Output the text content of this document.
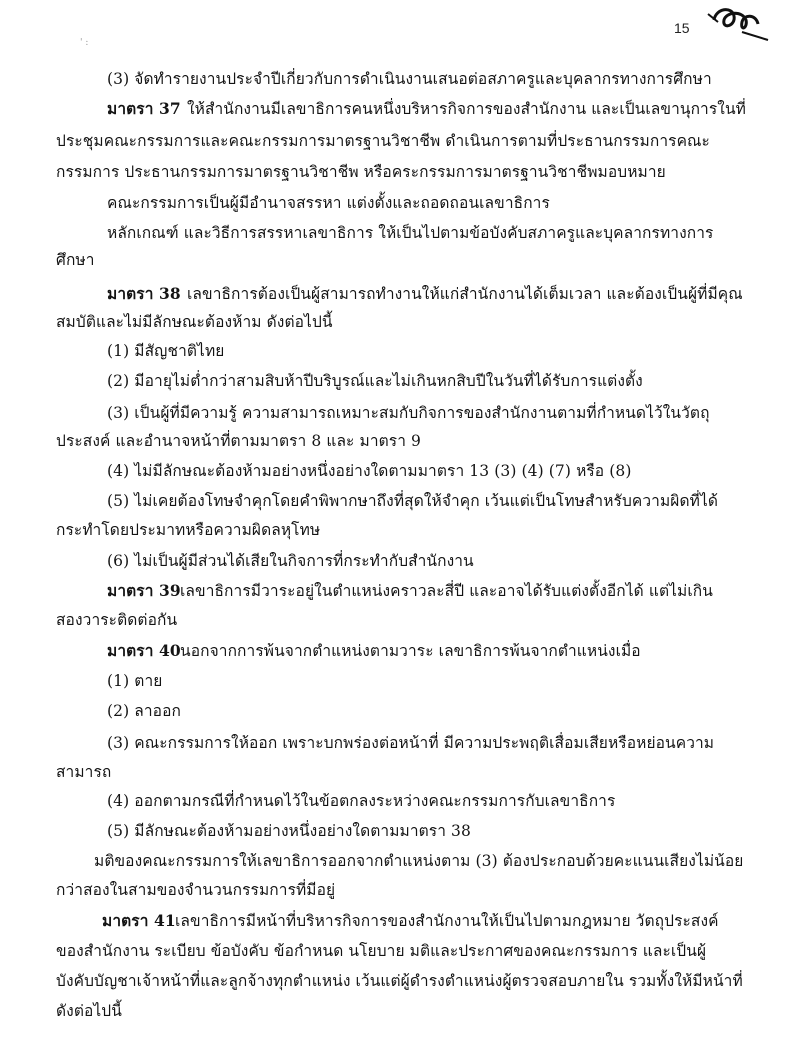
15
' :
(3) จัดทำรายงานประจำปีเกี่ยวกับการดำเนินงานเสนอต่อสภาครูและบุคลากรทางการศึกษา
มาตรา 37 ให้สำนักงานมีเลขาธิการคนหนึ่งบริหารกิจการของสำนักงาน และเป็นเลขานุการในที่
ประชุมคณะกรรมการและคณะกรรมการมาตรฐานวิชาชีพ ดำเนินการตามที่ประธานกรรมการคณะ
กรรมการ ประธานกรรมการมาตรฐานวิชาชีพ หรือคระกรรมการมาตรฐานวิชาชีพมอบหมาย
คณะกรรมการเป็นผู้มีอำนาจสรรหา แต่งตั้งและถอดถอนเลขาธิการ
หลักเกณฑ์ และวิธีการสรรหาเลขาธิการ ให้เป็นไปตามข้อบังคับสภาครูและบุคลากรทางการ
ศึกษา
มาตรา 38 เลขาธิการต้องเป็นผู้สามารถทำงานให้แก่สำนักงานได้เต็มเวลา และต้องเป็นผู้ที่มีคุณ
สมบัติและไม่มีลักษณะต้องห้าม ดังต่อไปนี้
(1) มีสัญชาติไทย
(2) มีอายุไม่ต่ำกว่าสามสิบห้าปีบริบูรณ์และไม่เกินหกสิบปีในวันที่ได้รับการแต่งตั้ง
(3) เป็นผู้ที่มีความรู้ ความสามารถเหมาะสมกับกิจการของสำนักงานตามที่กำหนดไว้ในวัตถุ
ประสงค์ และอำนาจหน้าที่ตามมาตรา 8 และ มาตรา 9
(4) ไม่มีลักษณะต้องห้ามอย่างหนึ่งอย่างใดตามมาตรา 13 (3) (4) (7) หรือ (8)
(5) ไม่เคยต้องโทษจำคุกโดยคำพิพากษาถึงที่สุดให้จำคุก เว้นแต่เป็นโทษสำหรับความผิดที่ได้
กระทำโดยประมาทหรือความผิดลหุโทษ
(6) ไม่เป็นผู้มีส่วนได้เสียในกิจการที่กระทำกับสำนักงาน
มาตรา 39 เลขาธิการมีวาระอยู่ในตำแหน่งคราวละสี่ปี และอาจได้รับแต่งตั้งอีกได้ แต่ไม่เกิน
สองวาระติดต่อกัน
มาตรา 40 นอกจากการพ้นจากตำแหน่งตามวาระ เลขาธิการพ้นจากตำแหน่งเมื่อ
(1) ตาย
(2) ลาออก
(3) คณะกรรมการให้ออก เพราะบกพร่องต่อหน้าที่ มีความประพฤติเสื่อมเสียหรือหย่อนความ
สามารถ
(4) ออกตามกรณีที่กำหนดไว้ในข้อตกลงระหว่างคณะกรรมการกับเลขาธิการ
(5) มีลักษณะต้องห้ามอย่างหนึ่งอย่างใดตามมาตรา 38
มติของคณะกรรมการให้เลขาธิการออกจากตำแหน่งตาม (3) ต้องประกอบด้วยคะแนนเสียงไม่น้อย
กว่าสองในสามของจำนวนกรรมการที่มีอยู่
มาตรา 41 เลขาธิการมีหน้าที่บริหารกิจการของสำนักงานให้เป็นไปตามกฎหมาย วัตถุประสงค์
ของสำนักงาน ระเบียบ ข้อบังคับ ข้อกำหนด นโยบาย มติและประกาศของคณะกรรมการ และเป็นผู้
บังคับบัญชาเจ้าหน้าที่และลูกจ้างทุกตำแหน่ง เว้นแต่ผู้ดำรงตำแหน่งผู้ตรวจสอบภายใน รวมทั้งให้มีหน้าที่
ดังต่อไปนี้
